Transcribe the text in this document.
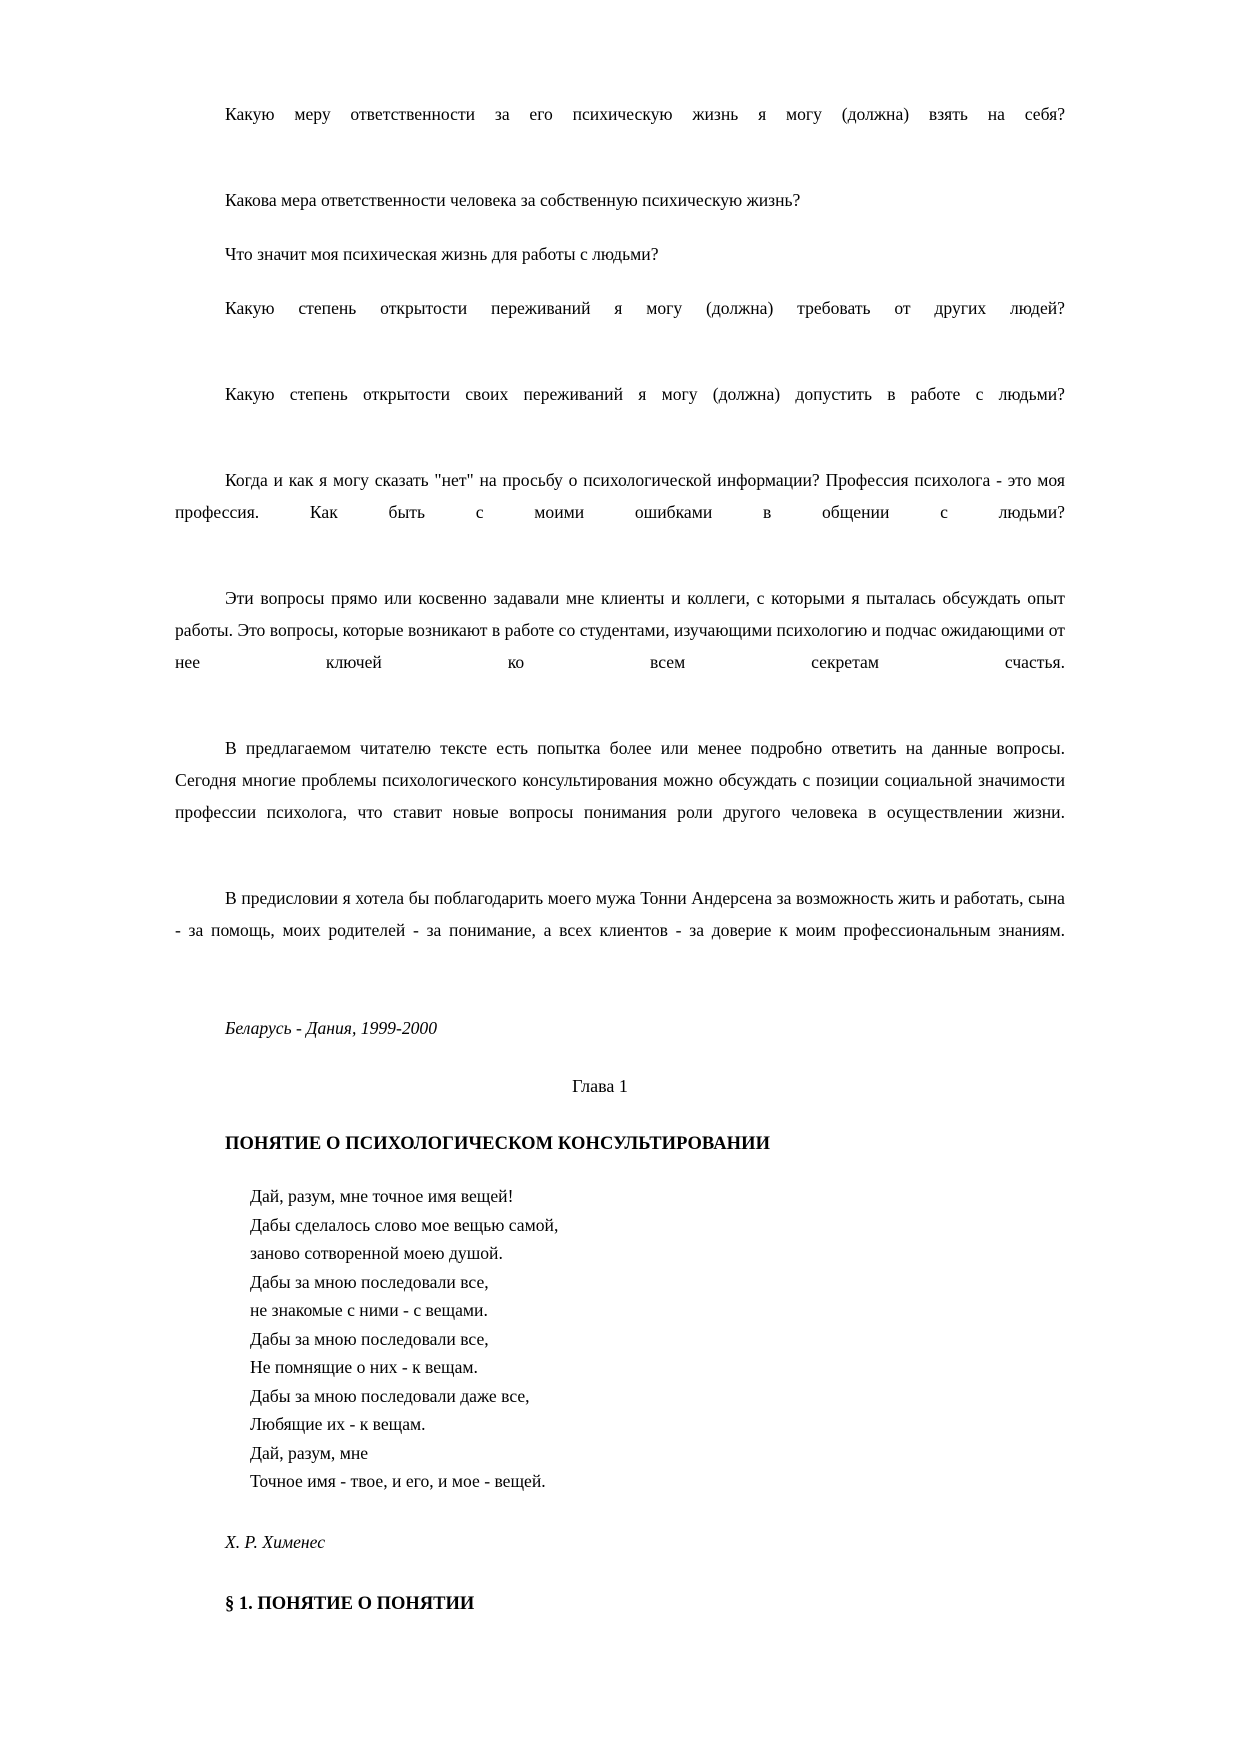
Какую меру ответственности за его психическую жизнь я могу (должна) взять на себя?

Какова мера ответственности человека за собственную психическую жизнь?

Что значит моя психическая жизнь для работы с людьми?

Какую степень открытости переживаний я могу (должна) требовать от других людей?

Какую степень открытости своих переживаний я могу (должна) допустить в работе с людьми?

Когда и как я могу сказать "нет" на просьбу о психологической информации? Профессия психолога - это моя профессия. Как быть с моими ошибками в общении с людьми?

Эти вопросы прямо или косвенно задавали мне клиенты и коллеги, с которыми я пыталась обсуждать опыт работы. Это вопросы, которые возникают в работе со студентами, изучающими психологию и подчас ожидающими от нее ключей ко всем секретам счастья.

В предлагаемом читателю тексте есть попытка более или менее подробно ответить на данные вопросы. Сегодня многие проблемы психологического консультирования можно обсуждать с позиции социальной значимости профессии психолога, что ставит новые вопросы понимания роли другого человека в осуществлении жизни.

В предисловии я хотела бы поблагодарить моего мужа Тонни Андерсена за возможность жить и работать, сына - за помощь, моих родителей - за понимание, а всех клиентов - за доверие к моим профессиональным знаниям.

Беларусь - Дания, 1999-2000

Глава 1

ПОНЯТИЕ О ПСИХОЛОГИЧЕСКОМ КОНСУЛЬТИРОВАНИИ
Дай, разум, мне точное имя вещей!
Дабы сделалось слово мое вещью самой,
заново сотворенной моею душой.
Дабы за мною последовали все,
не знакомые с ними - с вещами.
Дабы за мною последовали все,
Не помнящие о них - к вещам.
Дабы за мною последовали даже все,
Любящие их - к вещам.
Дай, разум, мне
Точное имя - твое, и его, и мое - вещей.

Х. Р. Хименес

§ 1. ПОНЯТИЕ О ПОНЯТИИ
